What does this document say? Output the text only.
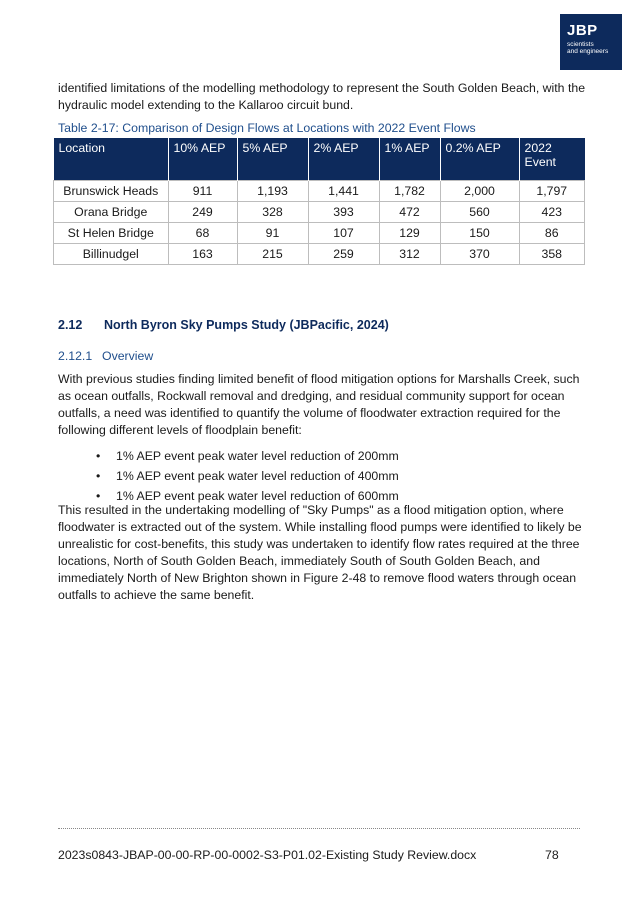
JBP
scientists
and engineers

identified limitations of the modelling methodology to represent the South Golden Beach, with the hydraulic model extending to the Kallaroo circuit bund.

Table 2-17: Comparison of Design Flows at Locations with 2022 Event Flows
Location	10% AEP	5% AEP	2% AEP	1% AEP	0.2% AEP	2022 Event
Brunswick Heads	911	1,193	1,441	1,782	2,000	1,797
Orana Bridge	249	328	393	472	560	423
St Helen Bridge	68	91	107	129	150	86
Billinudgel	163	215	259	312	370	358
2.12 North Byron Sky Pumps Study (JBPacific, 2024)
2.12.1 Overview

With previous studies finding limited benefit of flood mitigation options for Marshalls Creek, such as ocean outfalls, Rockwall removal and dredging, and residual community support for ocean outfalls, a need was identified to quantify the volume of floodwater extraction required for the following different levels of floodplain benefit:

• 1% AEP event peak water level reduction of 200mm
• 1% AEP event peak water level reduction of 400mm
• 1% AEP event peak water level reduction of 600mm

This resulted in the undertaking modelling of "Sky Pumps" as a flood mitigation option, where floodwater is extracted out of the system. While installing flood pumps were identified to likely be unrealistic for cost-benefits, this study was undertaken to identify flow rates required at the three locations, North of South Golden Beach, immediately South of South Golden Beach, and immediately North of New Brighton shown in Figure 2-48 to remove flood waters through ocean outfalls to achieve the same benefit.

2023s0843-JBAP-00-00-RP-00-0002-S3-P01.02-Existing Study Review.docx	78
